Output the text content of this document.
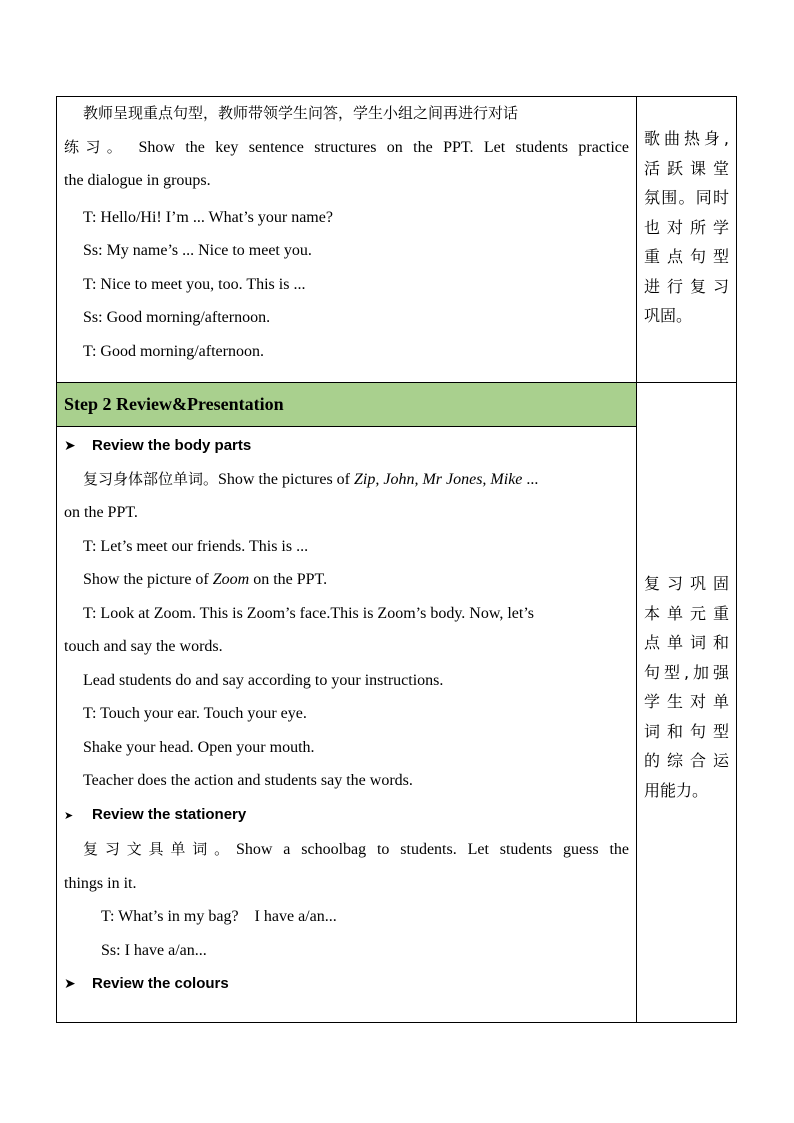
教师呈现重点句型，教师带领学生问答，学生小组之间再进行对话

练习。 Show the key sentence structures on the PPT. Let students practice

the dialogue in groups.

T: Hello/Hi! I’m ... What’s your name?

Ss: My name’s ... Nice to meet you.

T: Nice to meet you, too. This is ...

Ss: Good morning/afternoon.

T: Good morning/afternoon.

歌曲热身,
活跃课堂
氛围。同时
也对所学
重点句型
进行复习
巩固。
Step 2 Review&Presentation

➤ Review the body parts

复习身体部位单词。Show the pictures of Zip, John, Mr Jones, Mike ...

on the PPT.

T: Let’s meet our friends. This is ...

Show the picture of Zoom on the PPT.

T: Look at Zoom. This is Zoom’s face.This is Zoom’s body. Now, let’s

touch and say the words.

Lead students do and say according to your instructions.

T: Touch your ear. Touch your eye.

Shake your head. Open your mouth.

Teacher does the action and students say the words.

➤ Review the stationery

复习文具单词。Show a schoolbag to students. Let students guess the

things in it.

T: What’s in my bag?    I have a/an...

Ss: I have a/an...

➤ Review the colours

复习巩固
本单元重
点单词和
句型,加强
学生对单
词和句型
的综合运
用能力。
